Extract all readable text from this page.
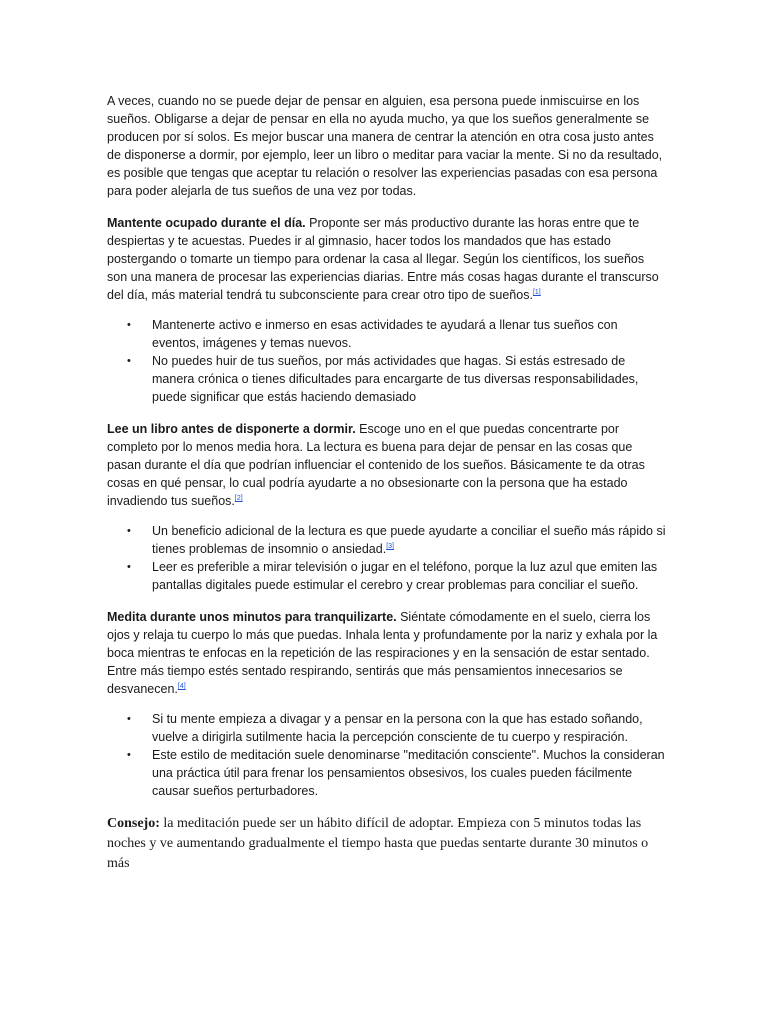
A veces, cuando no se puede dejar de pensar en alguien, esa persona puede inmiscuirse en los sueños. Obligarse a dejar de pensar en ella no ayuda mucho, ya que los sueños generalmente se producen por sí solos. Es mejor buscar una manera de centrar la atención en otra cosa justo antes de disponerse a dormir, por ejemplo, leer un libro o meditar para vaciar la mente. Si no da resultado, es posible que tengas que aceptar tu relación o resolver las experiencias pasadas con esa persona para poder alejarla de tus sueños de una vez por todas.

Mantente ocupado durante el día. Proponte ser más productivo durante las horas entre que te despiertas y te acuestas. Puedes ir al gimnasio, hacer todos los mandados que has estado postergando o tomarte un tiempo para ordenar la casa al llegar. Según los científicos, los sueños son una manera de procesar las experiencias diarias. Entre más cosas hagas durante el transcurso del día, más material tendrá tu subconsciente para crear otro tipo de sueños.[1]

• Mantenerte activo e inmerso en esas actividades te ayudará a llenar tus sueños con eventos, imágenes y temas nuevos.
• No puedes huir de tus sueños, por más actividades que hagas. Si estás estresado de manera crónica o tienes dificultades para encargarte de tus diversas responsabilidades, puede significar que estás haciendo demasiado

Lee un libro antes de disponerte a dormir. Escoge uno en el que puedas concentrarte por completo por lo menos media hora. La lectura es buena para dejar de pensar en las cosas que pasan durante el día que podrían influenciar el contenido de los sueños. Básicamente te da otras cosas en qué pensar, lo cual podría ayudarte a no obsesionarte con la persona que ha estado invadiendo tus sueños.[2]

• Un beneficio adicional de la lectura es que puede ayudarte a conciliar el sueño más rápido si tienes problemas de insomnio o ansiedad.[3]
• Leer es preferible a mirar televisión o jugar en el teléfono, porque la luz azul que emiten las pantallas digitales puede estimular el cerebro y crear problemas para conciliar el sueño.

Medita durante unos minutos para tranquilizarte. Siéntate cómodamente en el suelo, cierra los ojos y relaja tu cuerpo lo más que puedas. Inhala lenta y profundamente por la nariz y exhala por la boca mientras te enfocas en la repetición de las respiraciones y en la sensación de estar sentado. Entre más tiempo estés sentado respirando, sentirás que más pensamientos innecesarios se desvanecen.[4]

• Si tu mente empieza a divagar y a pensar en la persona con la que has estado soñando, vuelve a dirigirla sutilmente hacia la percepción consciente de tu cuerpo y respiración.
• Este estilo de meditación suele denominarse "meditación consciente". Muchos la consideran una práctica útil para frenar los pensamientos obsesivos, los cuales pueden fácilmente causar sueños perturbadores.

Consejo: la meditación puede ser un hábito difícil de adoptar. Empieza con 5 minutos todas las noches y ve aumentando gradualmente el tiempo hasta que puedas sentarte durante 30 minutos o más
